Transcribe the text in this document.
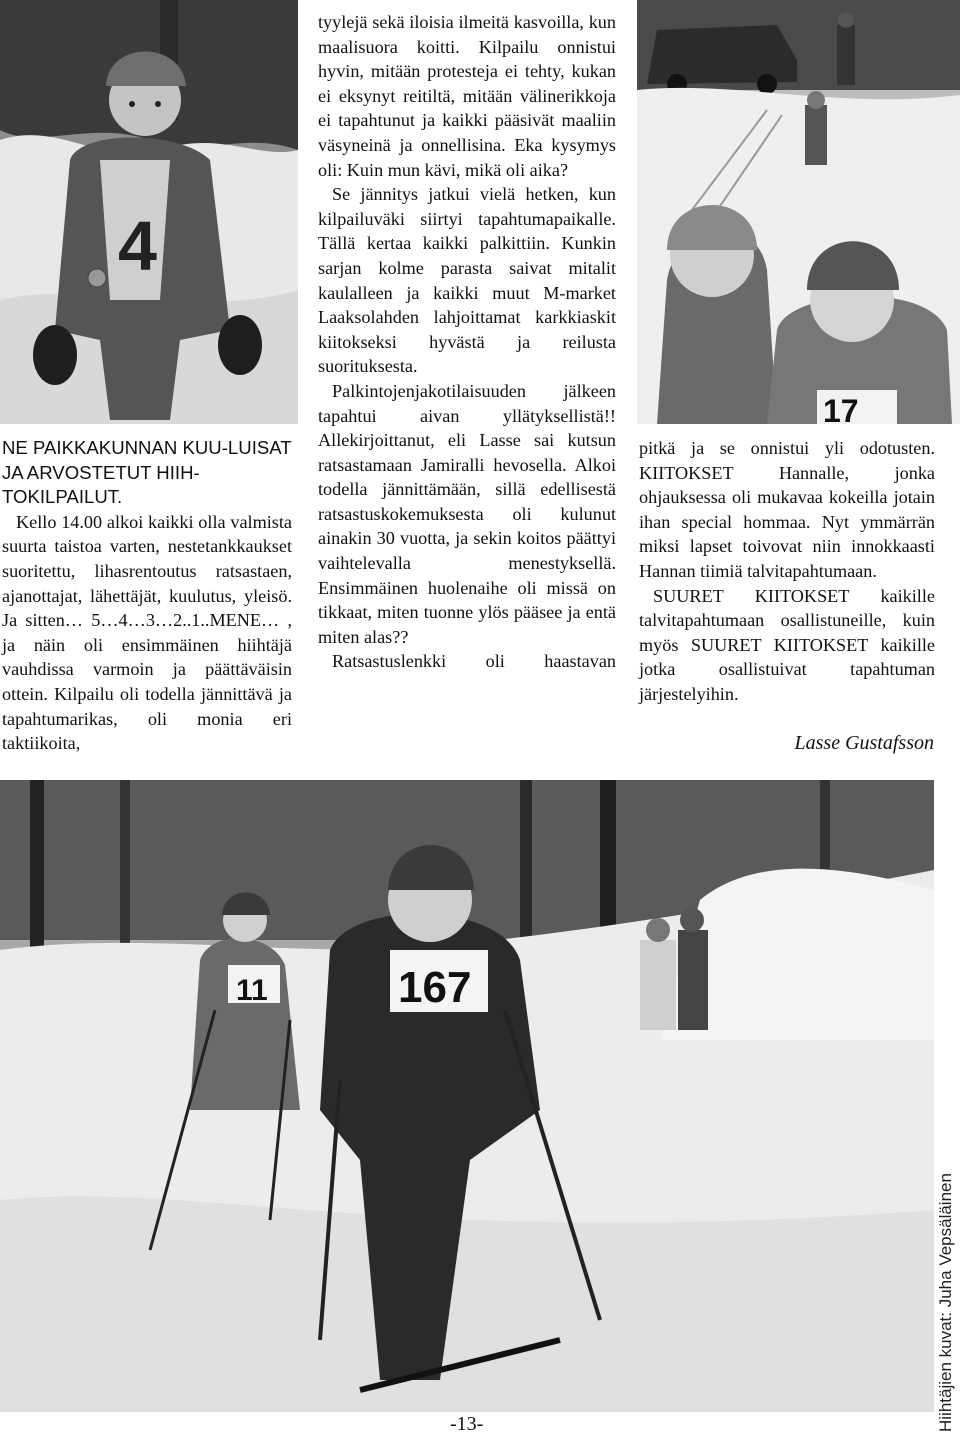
4
17

NE PAIKKAKUNNAN KUU-LUISAT JA ARVOSTETUT HIIH-TOKILPAILUT.

Kello 14.00 alkoi kaikki olla valmista suurta taistoa varten, nestetankkaukset suoritettu, lihasrentoutus ratsastaen, ajanottajat, lähettäjät, kuulutus, yleisö. Ja sitten… 5…4…3…2..1..MENE… , ja näin oli ensimmäinen hiihtäjä vauhdissa varmoin ja päättäväisin ottein. Kilpailu oli todella jännittävä ja tapahtumarikas, oli monia eri taktiikoita,

tyylejä sekä iloisia ilmeitä kasvoilla, kun maalisuora koitti. Kilpailu onnistui hyvin, mitään protesteja ei tehty, kukan ei eksynyt reitiltä, mitään välinerikkoja ei tapahtunut ja kaikki pääsivät maaliin väsyneinä ja onnellisina. Eka kysymys oli: Kuin mun kävi, mikä oli aika?

Se jännitys jatkui vielä hetken, kun kilpailuväki siirtyi tapahtumapaikalle. Tällä kertaa kaikki palkittiin. Kunkin sarjan kolme parasta saivat mitalit kaulalleen ja kaikki muut M-market Laaksolahden lahjoittamat karkkiaskit kiitokseksi hyvästä ja reilusta suorituksesta.

Palkintojenjakotilaisuuden jälkeen tapahtui aivan yllätyksellistä!! Allekirjoittanut, eli Lasse sai kutsun ratsastamaan Jamiralli hevosella. Alkoi todella jännittämään, sillä edellisestä ratsastuskokemuksesta oli kulunut ainakin 30 vuotta, ja sekin koitos päättyi vaihtelevalla menestyksellä. Ensimmäinen huolenaihe oli missä on tikkaat, miten tuonne ylös pääsee ja entä miten alas??

Ratsastuslenkki oli haastavan

pitkä ja se onnistui yli odotusten. KIITOKSET Hannalle, jonka ohjauksessa oli mukavaa kokeilla jotain ihan special hommaa. Nyt ymmärrän miksi lapset toivovat niin innokkaasti Hannan tiimiä talvitapahtumaan.

SUURET KIITOKSET kaikille talvitapahtumaan osallistuneille, kuin myös SUURET KIITOKSET kaikille jotka osallistuivat tapahtuman järjestelyihin.

Lasse Gustafsson
11	167
Hiihtäjien kuvat: Juha Vepsäläinen
-13-
